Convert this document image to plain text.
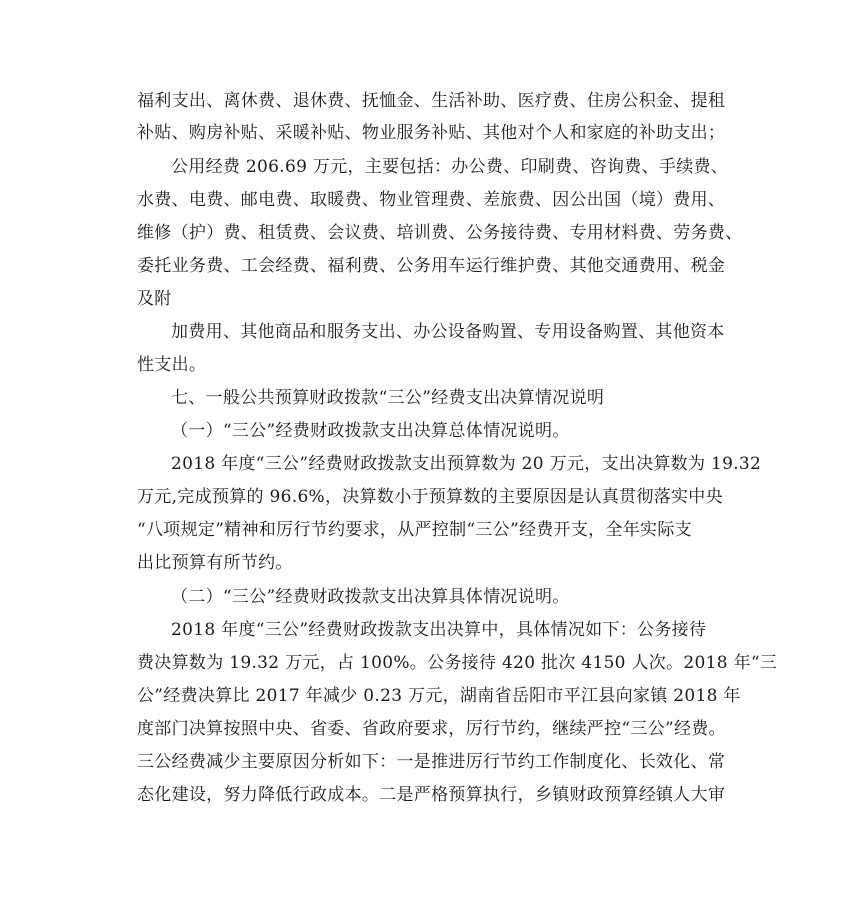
福利支出、离休费、退休费、抚恤金、生活补助、医疗费、住房公积金、提租
补贴、购房补贴、采暖补贴、物业服务补贴、其他对个人和家庭的补助支出；
公用经费 206.69 万元，主要包括：办公费、印刷费、咨询费、手续费、
水费、电费、邮电费、取暖费、物业管理费、差旅费、因公出国（境）费用、
维修（护）费、租赁费、会议费、培训费、公务接待费、专用材料费、劳务费、
委托业务费、工会经费、福利费、公务用车运行维护费、其他交通费用、税金
及附
加费用、其他商品和服务支出、办公设备购置、专用设备购置、其他资本
性支出。
七、一般公共预算财政拨款“三公”经费支出决算情况说明
（一）“三公”经费财政拨款支出决算总体情况说明。
2018 年度“三公”经费财政拨款支出预算数为 20 万元，支出决算数为 19.32
万元,完成预算的 96.6%，决算数小于预算数的主要原因是认真贯彻落实中央
“八项规定”精神和厉行节约要求，从严控制“三公”经费开支，全年实际支
出比预算有所节约。
（二）“三公”经费财政拨款支出决算具体情况说明。
2018 年度“三公”经费财政拨款支出决算中，具体情况如下：公务接待
费决算数为 19.32 万元，占 100%。公务接待 420 批次 4150 人次。2018 年“三
公”经费决算比 2017 年减少 0.23 万元，湖南省岳阳市平江县向家镇 2018 年
度部门决算按照中央、省委、省政府要求，厉行节约，继续严控“三公”经费。
三公经费减少主要原因分析如下：一是推进厉行节约工作制度化、长效化、常
态化建设，努力降低行政成本。二是严格预算执行，乡镇财政预算经镇人大审
